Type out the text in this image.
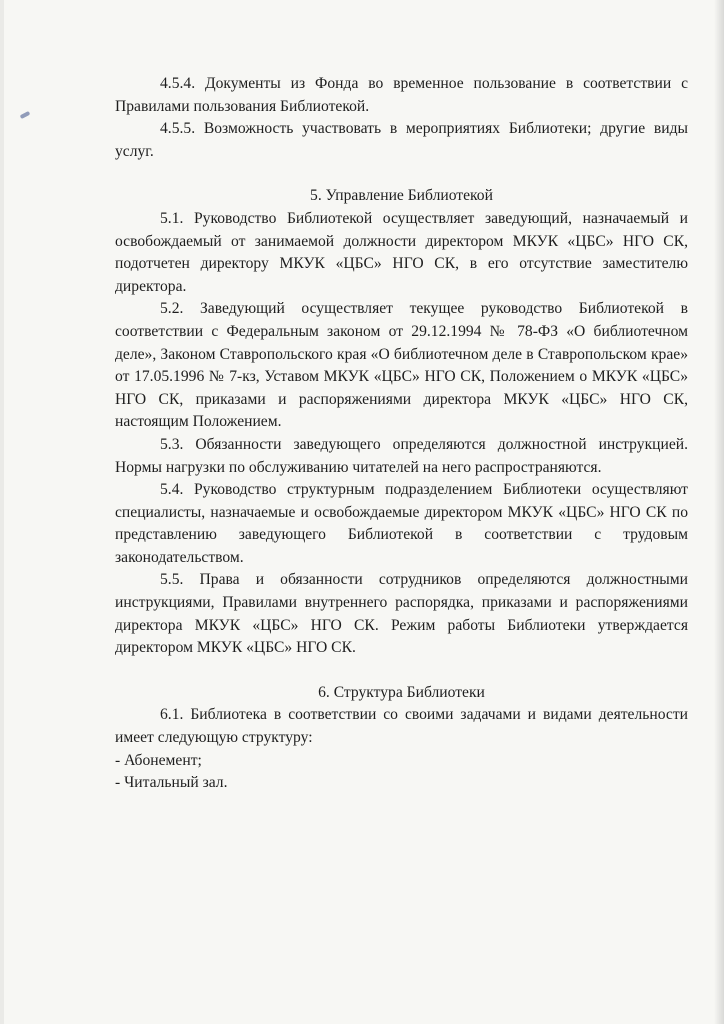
4.5.4. Документы из Фонда во временное пользование в соответствии с Правилами пользования Библиотекой.

4.5.5. Возможность участвовать в мероприятиях Библиотеки; другие виды услуг.

5. Управление Библиотекой

5.1. Руководство Библиотекой осуществляет заведующий, назначаемый и освобождаемый от занимаемой должности директором МКУК «ЦБС» НГО СК, подотчетен директору МКУК «ЦБС» НГО СК, в его отсутствие заместителю директора.

5.2. Заведующий осуществляет текущее руководство Библиотекой в соответствии с Федеральным законом от 29.12.1994 № 78-ФЗ «О библиотечном деле», Законом Ставропольского края «О библиотечном деле в Ставропольском крае» от 17.05.1996 № 7-кз, Уставом МКУК «ЦБС» НГО СК, Положением о МКУК «ЦБС» НГО СК, приказами и распоряжениями директора МКУК «ЦБС» НГО СК, настоящим Положением.

5.3. Обязанности заведующего определяются должностной инструкцией. Нормы нагрузки по обслуживанию читателей на него распространяются.

5.4. Руководство структурным подразделением Библиотеки осуществляют специалисты, назначаемые и освобождаемые директором МКУК «ЦБС» НГО СК по представлению заведующего Библиотекой в соответствии с трудовым законодательством.

5.5. Права и обязанности сотрудников определяются должностными инструкциями, Правилами внутреннего распорядка, приказами и распоряжениями директора МКУК «ЦБС» НГО СК. Режим работы Библиотеки утверждается директором МКУК «ЦБС» НГО СК.

6. Структура Библиотеки

6.1. Библиотека в соответствии со своими задачами и видами деятельности имеет следующую структуру:

- Абонемент;

- Читальный зал.
